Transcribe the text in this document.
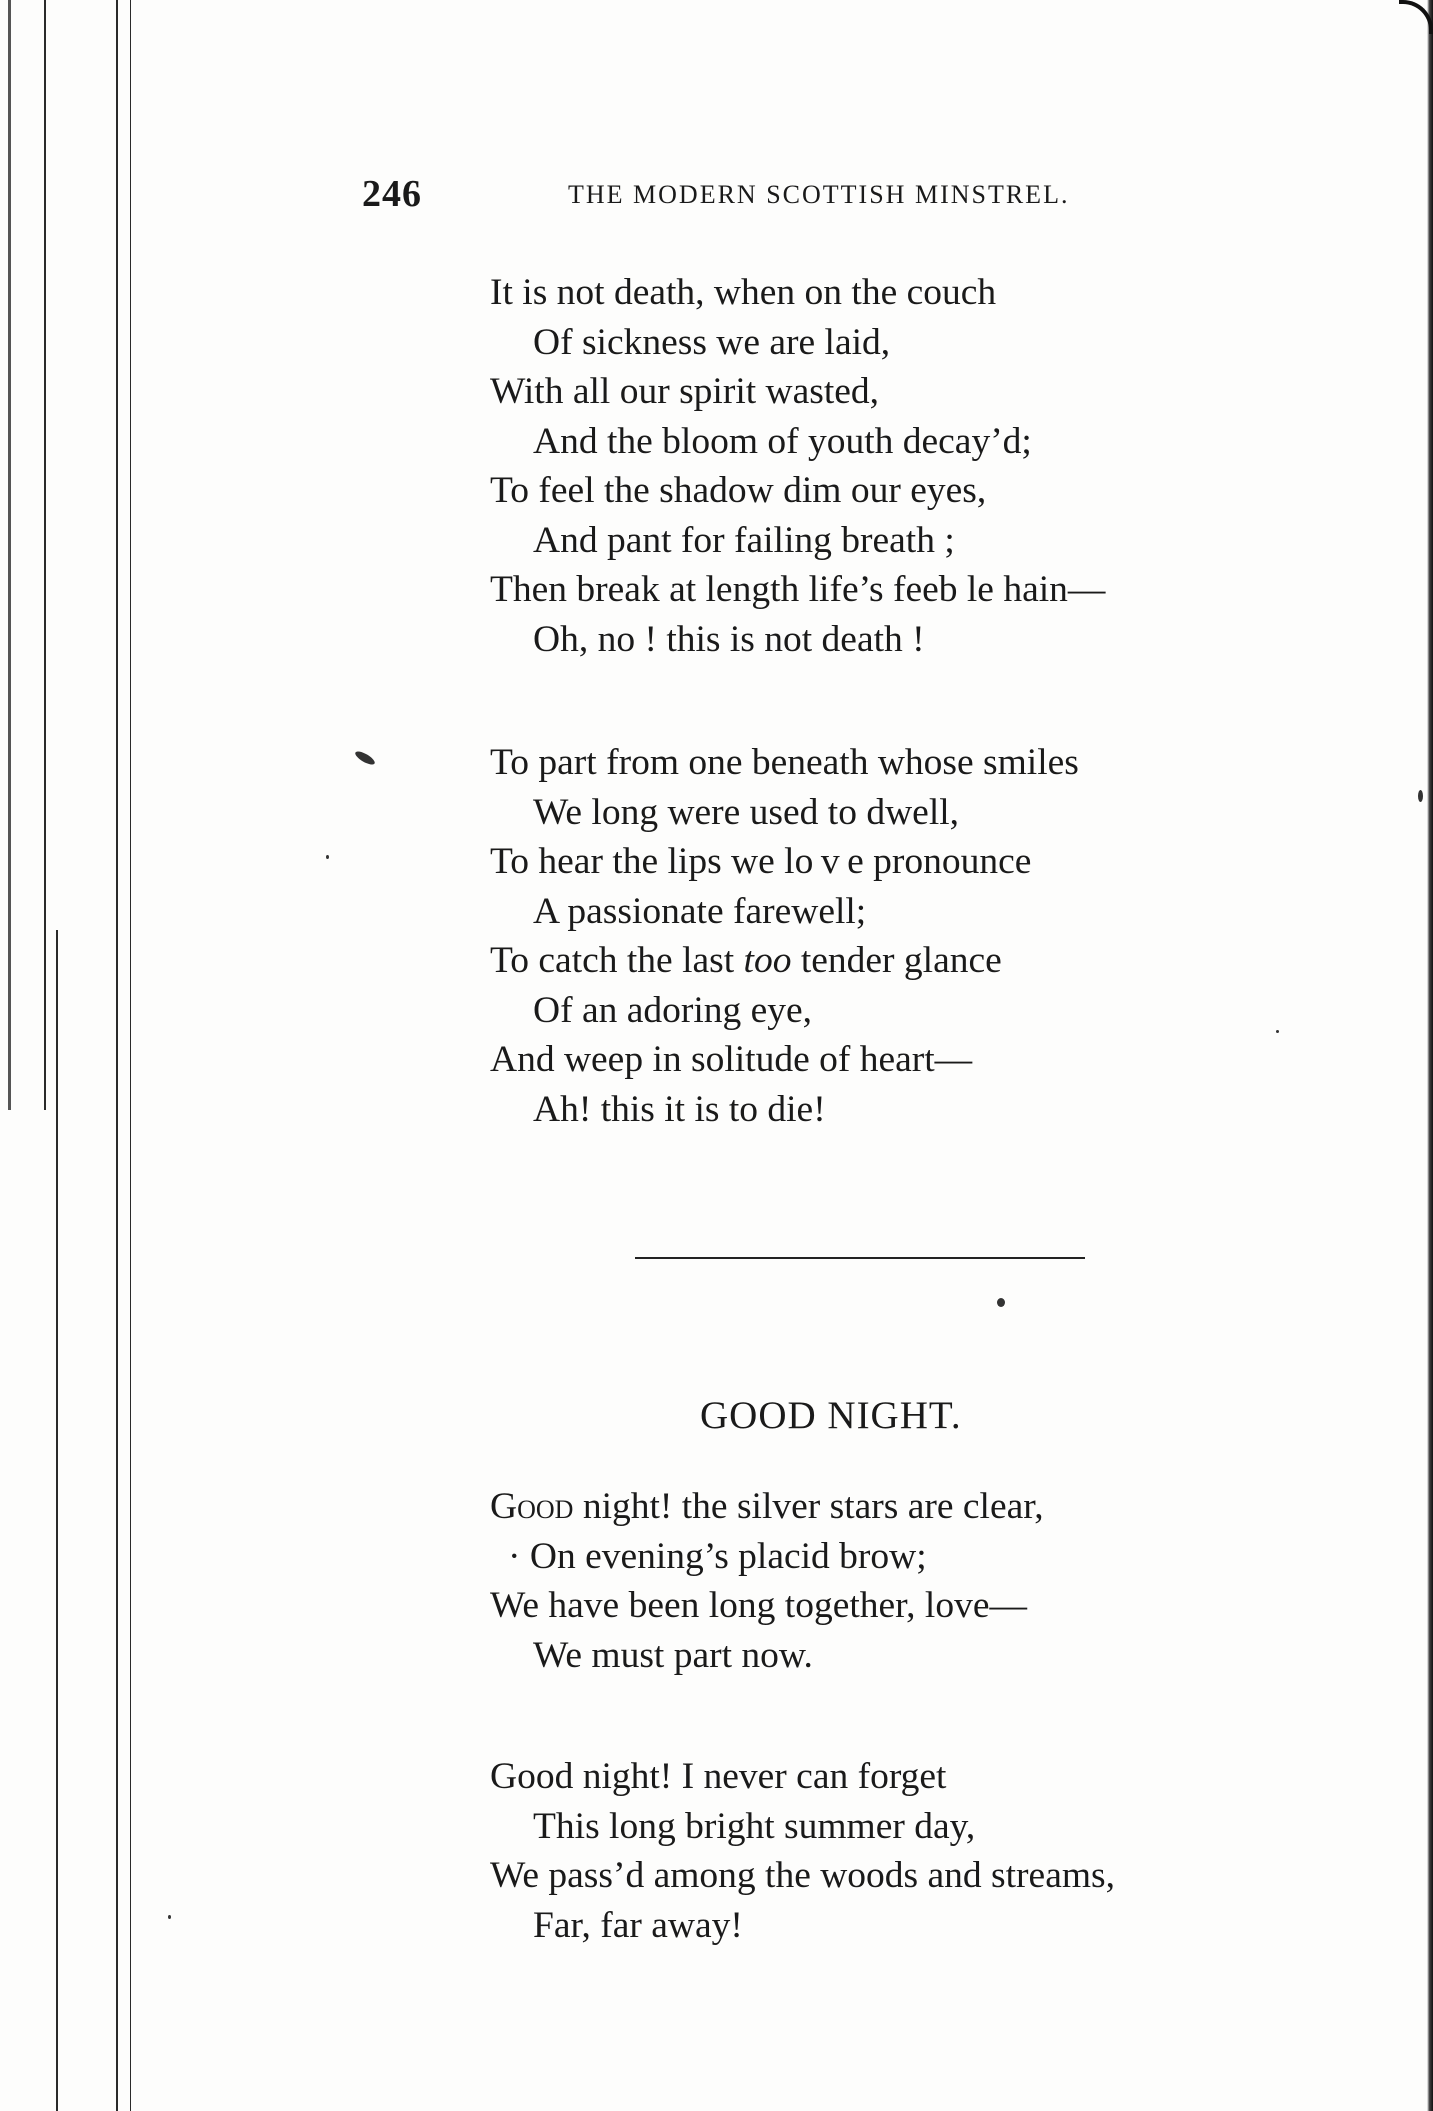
246	THE MODERN SCOTTISH MINSTREL.
It is not death, when on the couch
Of sickness we are laid,
With all our spirit wasted,
And the bloom of youth decay’d;
To feel the shadow dim our eyes,
And pant for failing breath ;
Then break at length life’s feeb le hain—
Oh, no ! this is not death !
To part from one beneath whose smiles
We long were used to dwell,
To hear the lips we lo v e pronounce
A passionate farewell;
To catch the last too tender glance
Of an adoring eye,
And weep in solitude of heart—
Ah! this it is to die!
GOOD NIGHT.
Good night! the silver stars are clear,
· On evening’s placid brow;
We have been long together, love—
We must part now.
Good night! I never can forget
This long bright summer day,
We pass’d among the woods and streams,
Far, far away!
